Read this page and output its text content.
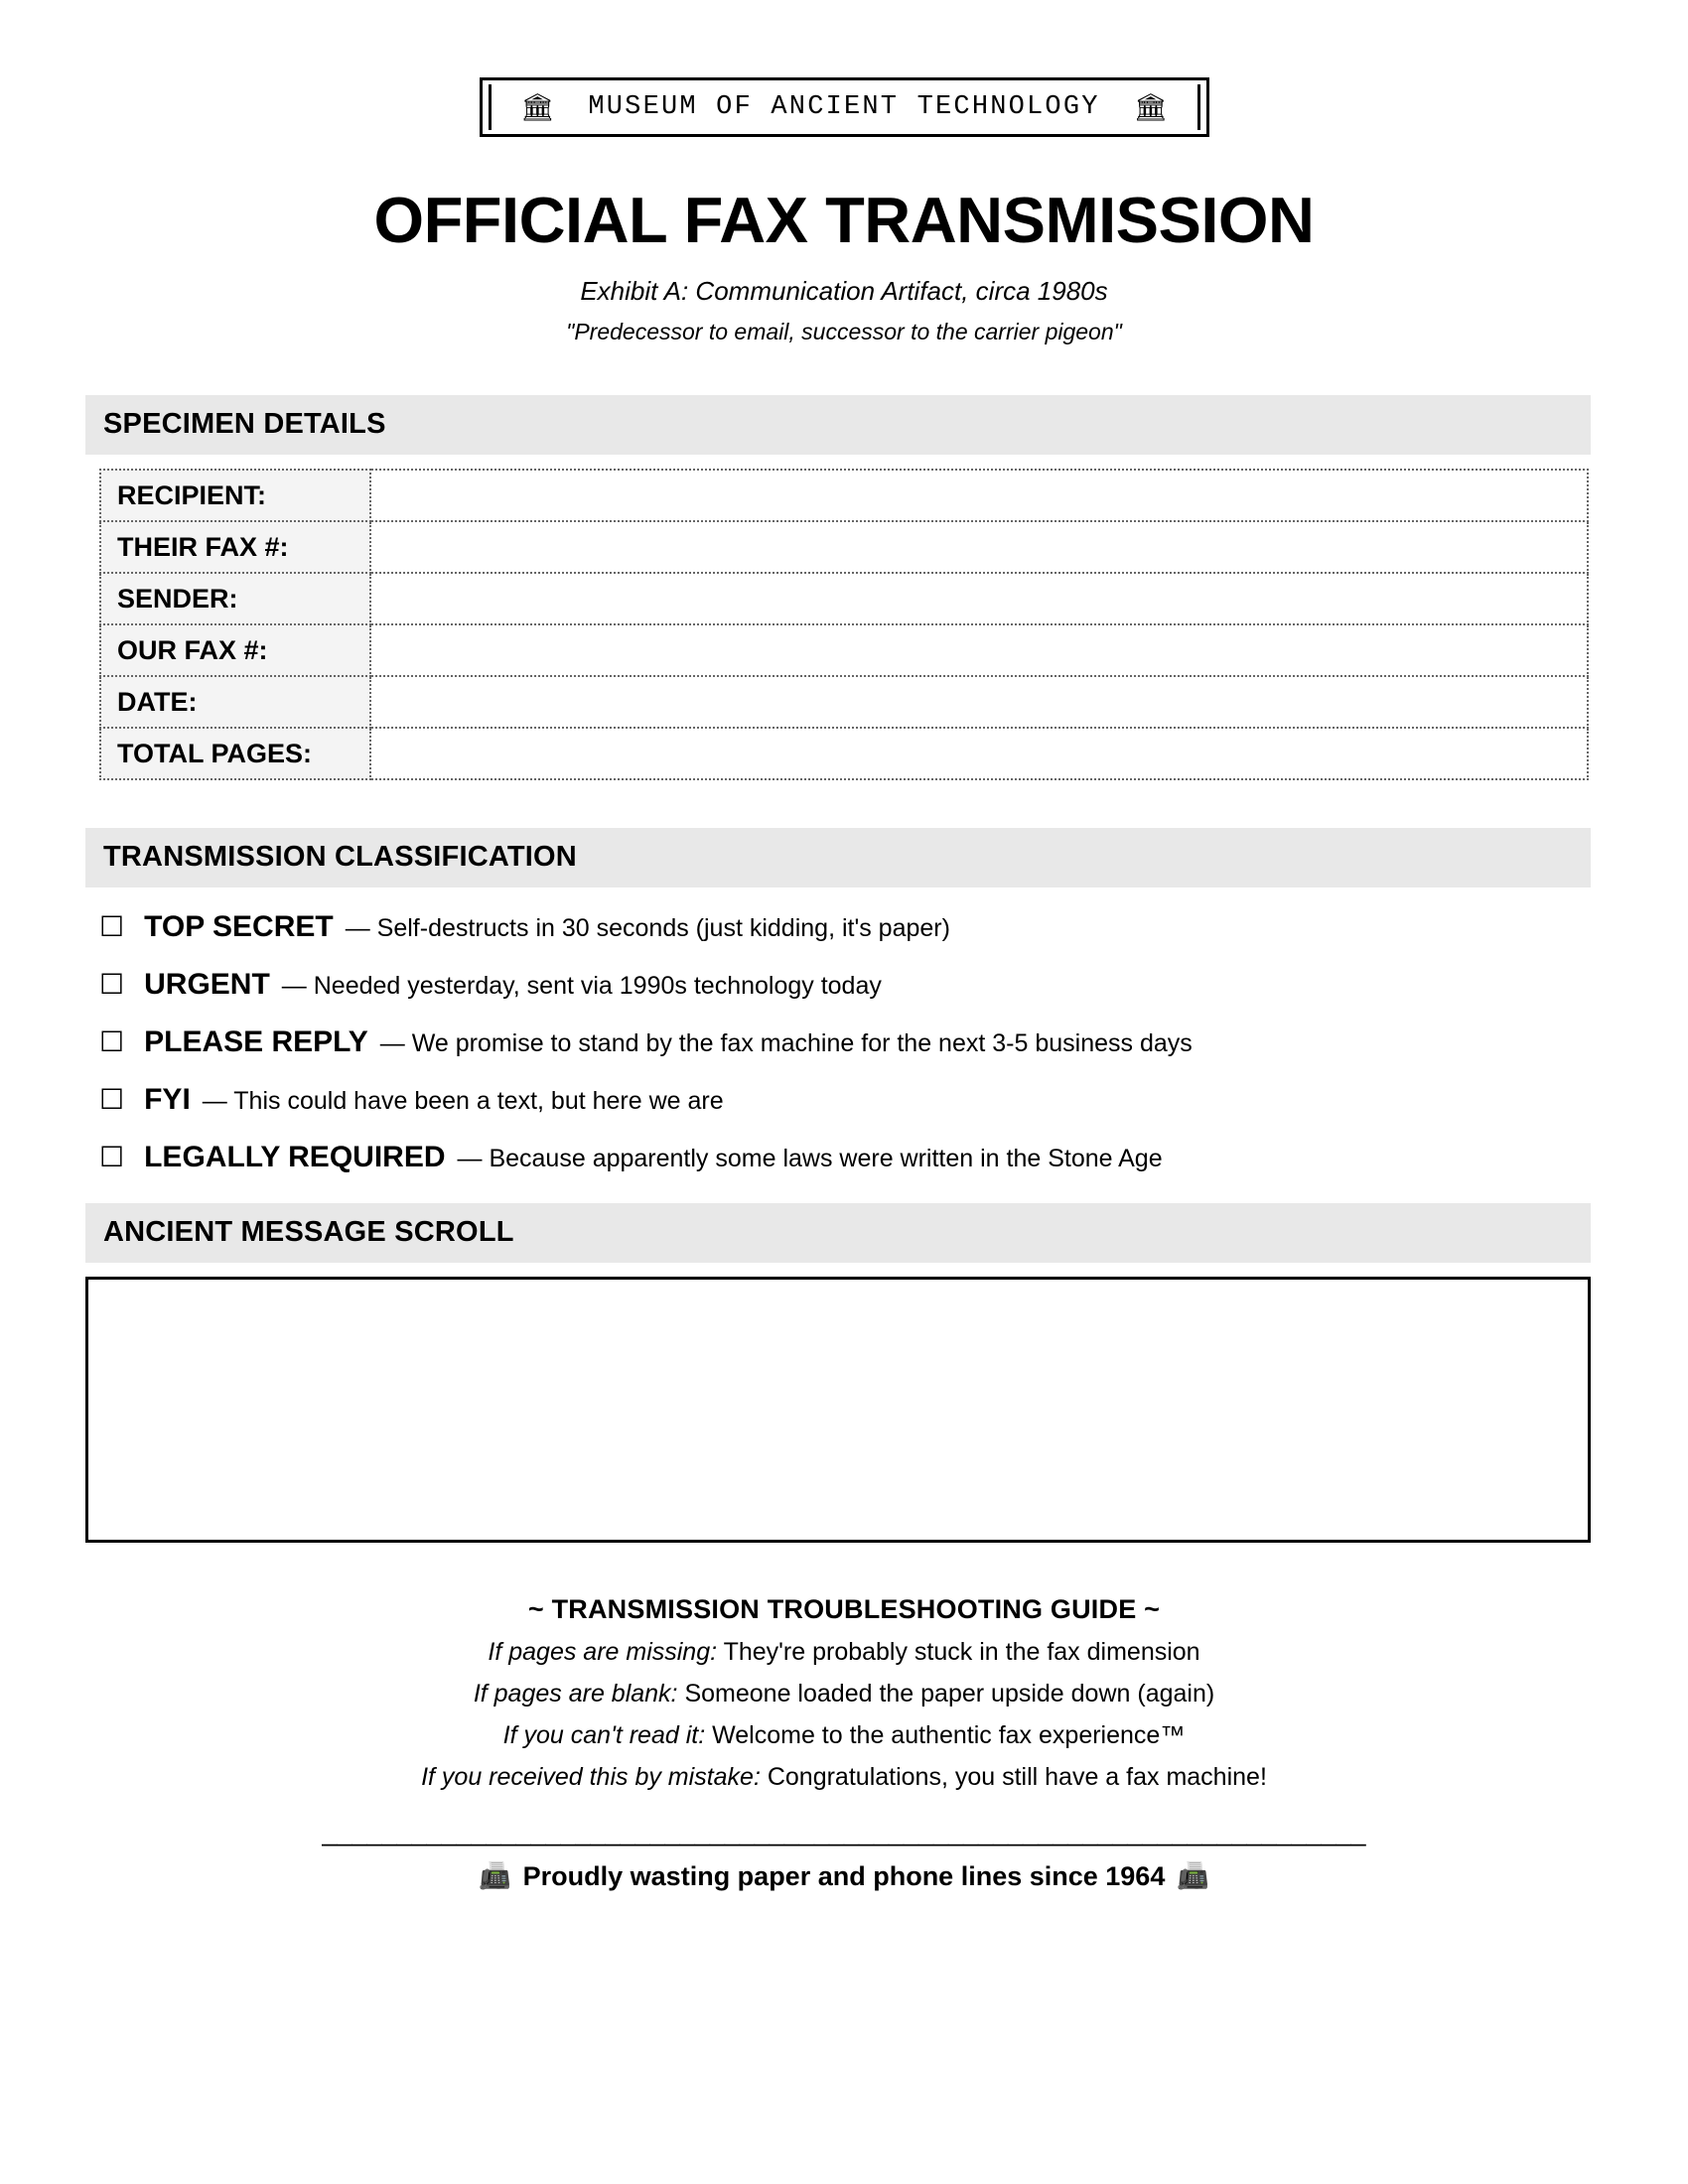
🏛 MUSEUM OF ANCIENT TECHNOLOGY 🏛
OFFICIAL FAX TRANSMISSION
Exhibit A: Communication Artifact, circa 1980s
"Predecessor to email, successor to the carrier pigeon"
SPECIMEN DETAILS
RECIPIENT:	
THEIR FAX #:	
SENDER:	
OUR FAX #:	
DATE:	
TOTAL PAGES:	
TRANSMISSION CLASSIFICATION
☐ TOP SECRET — Self-destructs in 30 seconds (just kidding, it's paper)
☐ URGENT — Needed yesterday, sent via 1990s technology today
☐ PLEASE REPLY — We promise to stand by the fax machine for the next 3-5 business days
☐ FYI — This could have been a text, but here we are
☐ LEGALLY REQUIRED — Because apparently some laws were written in the Stone Age
ANCIENT MESSAGE SCROLL
~ TRANSMISSION TROUBLESHOOTING GUIDE ~
If pages are missing: They're probably stuck in the fax dimension
If pages are blank: Someone loaded the paper upside down (again)
If you can't read it: Welcome to the authentic fax experience™
If you received this by mistake: Congratulations, you still have a fax machine!
______________________________________________________________________
📠 Proudly wasting paper and phone lines since 1964 📠
